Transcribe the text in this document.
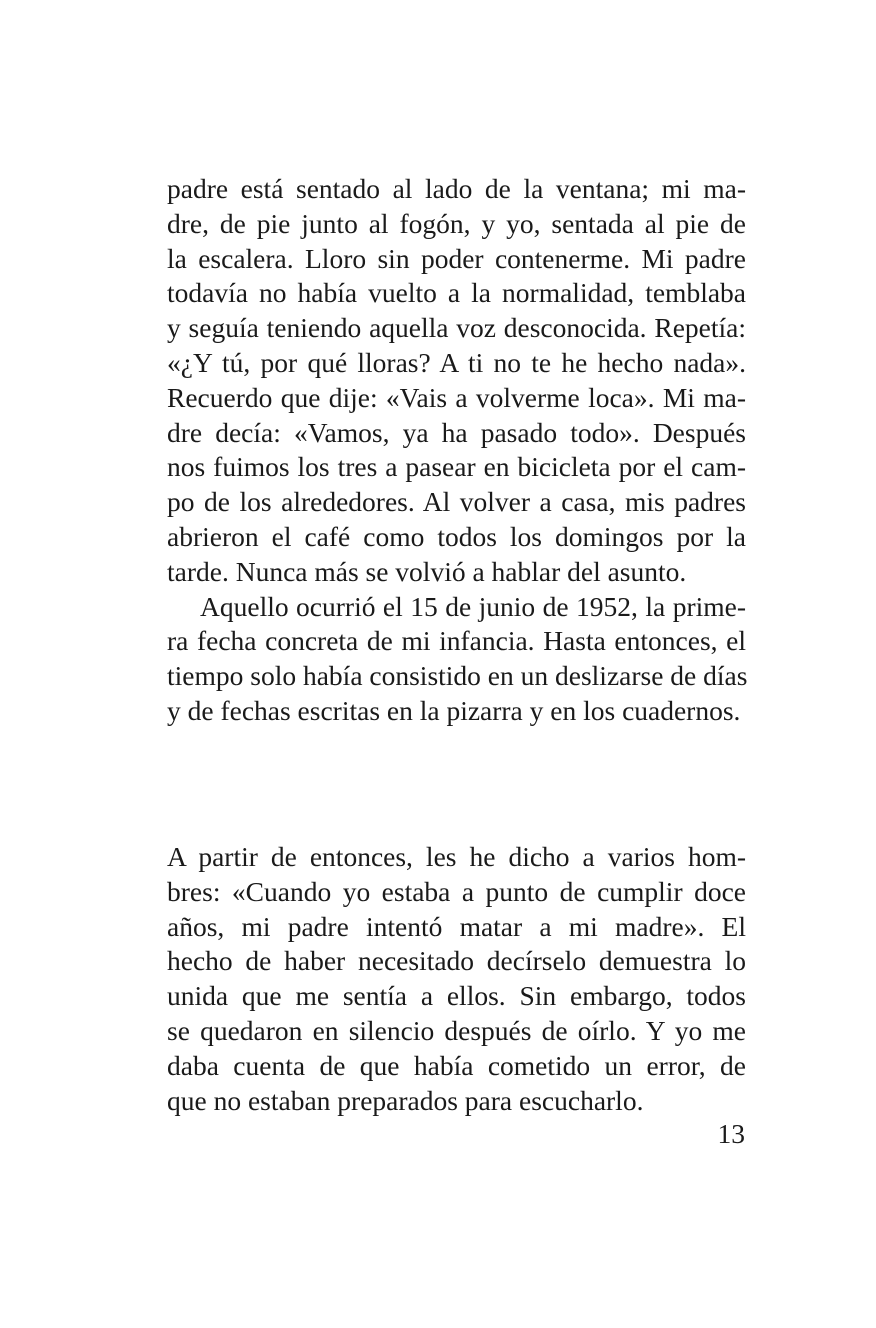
padre está sentado al lado de la ventana; mi ma-
dre, de pie junto al fogón, y yo, sentada al pie de
la escalera. Lloro sin poder contenerme. Mi padre
todavía no había vuelto a la normalidad, temblaba
y seguía teniendo aquella voz desconocida. Repetía:
«¿Y tú, por qué lloras? A ti no te he hecho nada».
Recuerdo que dije: «Vais a volverme loca». Mi ma-
dre decía: «Vamos, ya ha pasado todo». Después
nos fuimos los tres a pasear en bicicleta por el cam-
po de los alrededores. Al volver a casa, mis padres
abrieron el café como todos los domingos por la
tarde. Nunca más se volvió a hablar del asunto.
Aquello ocurrió el 15 de junio de 1952, la prime-
ra fecha concreta de mi infancia. Hasta entonces, el
tiempo solo había consistido en un deslizarse de días
y de fechas escritas en la pizarra y en los cuadernos.
A partir de entonces, les he dicho a varios hom-
bres: «Cuando yo estaba a punto de cumplir doce
años, mi padre intentó matar a mi madre». El
hecho de haber necesitado decírselo demuestra lo
unida que me sentía a ellos. Sin embargo, todos
se quedaron en silencio después de oírlo. Y yo me
daba cuenta de que había cometido un error, de
que no estaban preparados para escucharlo.
13
